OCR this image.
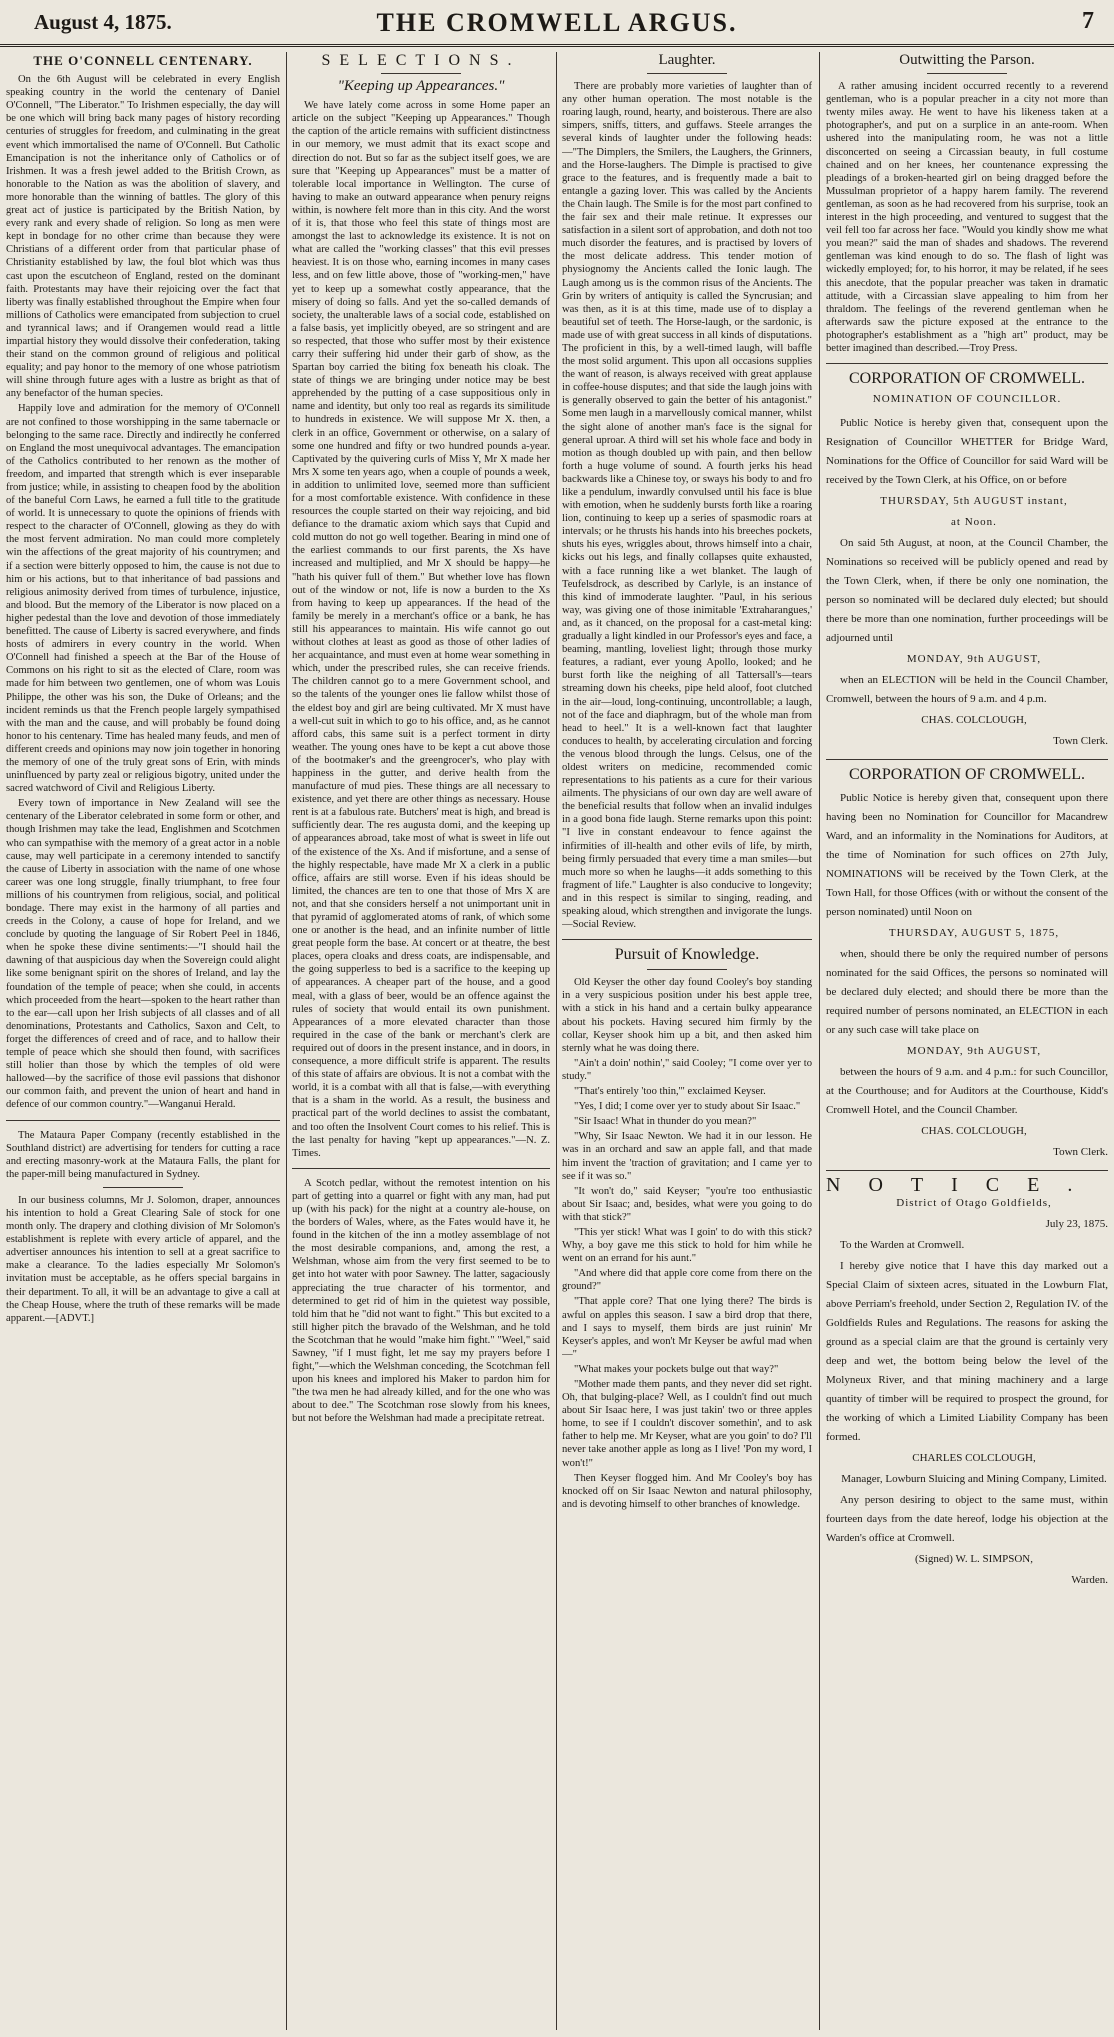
August 4, 1875.	THE CROMWELL ARGUS.	7
THE O'CONNELL CENTENARY.

On the 6th August will be celebrated in every English speaking country in the world the centenary of Daniel O'Connell, "The Liberator." To Irishmen especially, the day will be one which will bring back many pages of history recording centuries of struggles for freedom, and culminating in the great event which immortalised the name of O'Connell. But Catholic Emancipation is not the inheritance only of Catholics or of Irishmen. It was a fresh jewel added to the British Crown, as honorable to the Nation as was the abolition of slavery, and more honorable than the winning of battles. The glory of this great act of justice is participated by the British Nation, by every rank and every shade of religion. So long as men were kept in bondage for no other crime than because they were Christians of a different order from that particular phase of Christianity established by law, the foul blot which was thus cast upon the escutcheon of England, rested on the dominant faith. Protestants may have their rejoicing over the fact that liberty was finally established throughout the Empire when four millions of Catholics were emancipated from subjection to cruel and tyrannical laws; and if Orangemen would read a little impartial history they would dissolve their confederation, taking their stand on the common ground of religious and political equality; and pay honor to the memory of one whose patriotism will shine through future ages with a lustre as bright as that of any benefactor of the human species.

Happily love and admiration for the memory of O'Connell are not confined to those worshipping in the same tabernacle or belonging to the same race. Directly and indirectly he conferred on England the most unequivocal advantages. The emancipation of the Catholics contributed to her renown as the mother of freedom, and imparted that strength which is ever inseparable from justice; while, in assisting to cheapen food by the abolition of the baneful Corn Laws, he earned a full title to the gratitude of world. It is unnecessary to quote the opinions of friends with respect to the character of O'Connell, glowing as they do with the most fervent admiration. No man could more completely win the affections of the great majority of his countrymen; and if a section were bitterly opposed to him, the cause is not due to him or his actions, but to that inheritance of bad passions and religious animosity derived from times of turbulence, injustice, and blood. But the memory of the Liberator is now placed on a higher pedestal than the love and devotion of those immediately benefitted. The cause of Liberty is sacred everywhere, and finds hosts of admirers in every country in the world. When O'Connell had finished a speech at the Bar of the House of Commons on his right to sit as the elected of Clare, room was made for him between two gentlemen, one of whom was Louis Philippe, the other was his son, the Duke of Orleans; and the incident reminds us that the French people largely sympathised with the man and the cause, and will probably be found doing honor to his centenary. Time has healed many feuds, and men of different creeds and opinions may now join together in honoring the memory of one of the truly great sons of Erin, with minds uninfluenced by party zeal or religious bigotry, united under the sacred watchword of Civil and Religious Liberty.

Every town of importance in New Zealand will see the centenary of the Liberator celebrated in some form or other, and though Irishmen may take the lead, Englishmen and Scotchmen who can sympathise with the memory of a great actor in a noble cause, may well participate in a ceremony intended to sanctify the cause of Liberty in association with the name of one whose career was one long struggle, finally triumphant, to free four millions of his countrymen from religious, social, and political bondage. There may exist in the harmony of all parties and creeds in the Colony, a cause of hope for Ireland, and we conclude by quoting the language of Sir Robert Peel in 1846, when he spoke these divine sentiments:—"I should hail the dawning of that auspicious day when the Sovereign could alight like some benignant spirit on the shores of Ireland, and lay the foundation of the temple of peace; when she could, in accents which proceeded from the heart—spoken to the heart rather than to the ear—call upon her Irish subjects of all classes and of all denominations, Protestants and Catholics, Saxon and Celt, to forget the differences of creed and of race, and to hallow their temple of peace which she should then found, with sacrifices still holier than those by which the temples of old were hallowed—by the sacrifice of those evil passions that dishonor our common faith, and prevent the union of heart and hand in defence of our common country."—Wanganui Herald.

The Mataura Paper Company (recently established in the Southland district) are advertising for tenders for cutting a race and erecting masonry-work at the Mataura Falls, the plant for the paper-mill being manufactured in Sydney.

In our business columns, Mr J. Solomon, draper, announces his intention to hold a Great Clearing Sale of stock for one month only. The drapery and clothing division of Mr Solomon's establishment is replete with every article of apparel, and the advertiser announces his intention to sell at a great sacrifice to make a clearance. To the ladies especially Mr Solomon's invitation must be acceptable, as he offers special bargains in their department. To all, it will be an advantage to give a call at the Cheap House, where the truth of these remarks will be made apparent.—[ADVT.]

SELECTIONS.
"Keeping up Appearances."

We have lately come across in some Home paper an article on the subject "Keeping up Appearances." Though the caption of the article remains with sufficient distinctness in our memory, we must admit that its exact scope and direction do not. But so far as the subject itself goes, we are sure that "Keeping up Appearances" must be a matter of tolerable local importance in Wellington. The curse of having to make an outward appearance when penury reigns within, is nowhere felt more than in this city. And the worst of it is, that those who feel this state of things most are amongst the last to acknowledge its existence. It is not on what are called the "working classes" that this evil presses heaviest. It is on those who, earning incomes in many cases less, and on few little above, those of "working-men," have yet to keep up a somewhat costly appearance, that the misery of doing so falls. And yet the so-called demands of society, the unalterable laws of a social code, established on a false basis, yet implicitly obeyed, are so stringent and are so respected, that those who suffer most by their existence carry their suffering hid under their garb of show, as the Spartan boy carried the biting fox beneath his cloak. The state of things we are bringing under notice may be best apprehended by the putting of a case suppositious only in name and identity, but only too real as regards its similitude to hundreds in existence. We will suppose Mr X. then, a clerk in an office, Government or otherwise, on a salary of some one hundred and fifty or two hundred pounds a-year. Captivated by the quivering curls of Miss Y, Mr X made her Mrs X some ten years ago, when a couple of pounds a week, in addition to unlimited love, seemed more than sufficient for a most comfortable existence. With confidence in these resources the couple started on their way rejoicing, and bid defiance to the dramatic axiom which says that Cupid and cold mutton do not go well together. Bearing in mind one of the earliest commands to our first parents, the Xs have increased and multiplied, and Mr X should be happy—he "hath his quiver full of them." But whether love has flown out of the window or not, life is now a burden to the Xs from having to keep up appearances. If the head of the family be merely in a merchant's office or a bank, he has still his appearances to maintain. His wife cannot go out without clothes at least as good as those of other ladies of her acquaintance, and must even at home wear something in which, under the prescribed rules, she can receive friends. The children cannot go to a mere Government school, and so the talents of the younger ones lie fallow whilst those of the eldest boy and girl are being cultivated. Mr X must have a well-cut suit in which to go to his office, and, as he cannot afford cabs, this same suit is a perfect torment in dirty weather. The young ones have to be kept a cut above those of the bootmaker's and the greengrocer's, who play with happiness in the gutter, and derive health from the manufacture of mud pies. These things are all necessary to existence, and yet there are other things as necessary. House rent is at a fabulous rate. Butchers' meat is high, and bread is sufficiently dear. The res augusta domi, and the keeping up of appearances abroad, take most of what is sweet in life out of the existence of the Xs. And if misfortune, and a sense of the highly respectable, have made Mr X a clerk in a public office, affairs are still worse. Even if his ideas should be limited, the chances are ten to one that those of Mrs X are not, and that she considers herself a not unimportant unit in that pyramid of agglomerated atoms of rank, of which some one or another is the head, and an infinite number of little great people form the base. At concert or at theatre, the best places, opera cloaks and dress coats, are indispensable, and the going supperless to bed is a sacrifice to the keeping up of appearances. A cheaper part of the house, and a good meal, with a glass of beer, would be an offence against the rules of society that would entail its own punishment. Appearances of a more elevated character than those required in the case of the bank or merchant's clerk are required out of doors in the present instance, and in doors, in consequence, a more difficult strife is apparent. The results of this state of affairs are obvious. It is not a combat with the world, it is a combat with all that is false,—with everything that is a sham in the world. As a result, the business and practical part of the world declines to assist the combatant, and too often the Insolvent Court comes to his relief. This is the last penalty for having "kept up appearances."—N. Z. Times.

A Scotch pedlar, without the remotest intention on his part of getting into a quarrel or fight with any man, had put up (with his pack) for the night at a country ale-house, on the borders of Wales, where, as the Fates would have it, he found in the kitchen of the inn a motley assemblage of not the most desirable companions, and, among the rest, a Welshman, whose aim from the very first seemed to be to get into hot water with poor Sawney. The latter, sagaciously appreciating the true character of his tormentor, and determined to get rid of him in the quietest way possible, told him that he "did not want to fight." This but excited to a still higher pitch the bravado of the Welshman, and he told the Scotchman that he would "make him fight." "Weel," said Sawney, "if I must fight, let me say my prayers before I fight,"—which the Welshman conceding, the Scotchman fell upon his knees and implored his Maker to pardon him for "the twa men he had already killed, and for the one who was about to dee." The Scotchman rose slowly from his knees, but not before the Welshman had made a precipitate retreat.

Laughter.

There are probably more varieties of laughter than of any other human operation. The most notable is the roaring laugh, round, hearty, and boisterous. There are also simpers, sniffs, titters, and guffaws. Steele arranges the several kinds of laughter under the following heads:—"The Dimplers, the Smilers, the Laughers, the Grinners, and the Horse-laughers. The Dimple is practised to give grace to the features, and is frequently made a bait to entangle a gazing lover. This was called by the Ancients the Chain laugh. The Smile is for the most part confined to the fair sex and their male retinue. It expresses our satisfaction in a silent sort of approbation, and doth not too much disorder the features, and is practised by lovers of the most delicate address. This tender motion of physiognomy the Ancients called the Ionic laugh. The Laugh among us is the common risus of the Ancients. The Grin by writers of antiquity is called the Syncrusian; and was then, as it is at this time, made use of to display a beautiful set of teeth. The Horse-laugh, or the sardonic, is made use of with great success in all kinds of disputations. The proficient in this, by a well-timed laugh, will baffle the most solid argument. This upon all occasions supplies the want of reason, is always received with great applause in coffee-house disputes; and that side the laugh joins with is generally observed to gain the better of his antagonist." Some men laugh in a marvellously comical manner, whilst the sight alone of another man's face is the signal for general uproar. A third will set his whole face and body in motion as though doubled up with pain, and then bellow forth a huge volume of sound. A fourth jerks his head backwards like a Chinese toy, or sways his body to and fro like a pendulum, inwardly convulsed until his face is blue with emotion, when he suddenly bursts forth like a roaring lion, continuing to keep up a series of spasmodic roars at intervals; or he thrusts his hands into his breeches pockets, shuts his eyes, wriggles about, throws himself into a chair, kicks out his legs, and finally collapses quite exhausted, with a face running like a wet blanket. The laugh of Teufelsdrock, as described by Carlyle, is an instance of this kind of immoderate laughter. "Paul, in his serious way, was giving one of those inimitable 'Extraharangues,' and, as it chanced, on the proposal for a cast-metal king: gradually a light kindled in our Professor's eyes and face, a beaming, mantling, loveliest light; through those murky features, a radiant, ever young Apollo, looked; and he burst forth like the neighing of all Tattersall's—tears streaming down his cheeks, pipe held aloof, foot clutched in the air—loud, long-continuing, uncontrollable; a laugh, not of the face and diaphragm, but of the whole man from head to heel." It is a well-known fact that laughter conduces to health, by accelerating circulation and forcing the venous blood through the lungs. Celsus, one of the oldest writers on medicine, recommended comic representations to his patients as a cure for their various ailments. The physicians of our own day are well aware of the beneficial results that follow when an invalid indulges in a good bona fide laugh. Sterne remarks upon this point: "I live in constant endeavour to fence against the infirmities of ill-health and other evils of life, by mirth, being firmly persuaded that every time a man smiles—but much more so when he laughs—it adds something to this fragment of life." Laughter is also conducive to longevity; and in this respect is similar to singing, reading, and speaking aloud, which strengthen and invigorate the lungs.—Social Review.

Pursuit of Knowledge.

Old Keyser the other day found Cooley's boy standing in a very suspicious position under his best apple tree, with a stick in his hand and a certain bulky appearance about his pockets. Having secured him firmly by the collar, Keyser shook him up a bit, and then asked him sternly what he was doing there.

"Ain't a doin' nothin'," said Cooley; "I come over yer to study."

"That's entirely 'too thin,'" exclaimed Keyser.

"Yes, I did; I come over yer to study about Sir Isaac."

"Sir Isaac! What in thunder do you mean?"

"Why, Sir Isaac Newton. We had it in our lesson. He was in an orchard and saw an apple fall, and that made him invent the 'traction of gravitation; and I came yer to see if it was so."

"It won't do," said Keyser; "you're too enthusiastic about Sir Isaac; and, besides, what were you going to do with that stick?"

"This yer stick! What was I goin' to do with this stick? Why, a boy gave me this stick to hold for him while he went on an errand for his aunt."

"And where did that apple core come from there on the ground?"

"That apple core? That one lying there? The birds is awful on apples this season. I saw a bird drop that there, and I says to myself, them birds are just ruinin' Mr Keyser's apples, and won't Mr Keyser be awful mad when—"

"What makes your pockets bulge out that way?"

"Mother made them pants, and they never did set right. Oh, that bulging-place? Well, as I couldn't find out much about Sir Isaac here, I was just takin' two or three apples home, to see if I couldn't discover somethin', and to ask father to help me. Mr Keyser, what are you goin' to do? I'll never take another apple as long as I live! 'Pon my word, I won't!"

Then Keyser flogged him. And Mr Cooley's boy has knocked off on Sir Isaac Newton and natural philosophy, and is devoting himself to other branches of knowledge.

Outwitting the Parson.

A rather amusing incident occurred recently to a reverend gentleman, who is a popular preacher in a city not more than twenty miles away. He went to have his likeness taken at a photographer's, and put on a surplice in an ante-room. When ushered into the manipulating room, he was not a little disconcerted on seeing a Circassian beauty, in full costume chained and on her knees, her countenance expressing the pleadings of a broken-hearted girl on being dragged before the Mussulman proprietor of a happy harem family. The reverend gentleman, as soon as he had recovered from his surprise, took an interest in the high proceeding, and ventured to suggest that the veil fell too far across her face. "Would you kindly show me what you mean?" said the man of shades and shadows. The reverend gentleman was kind enough to do so. The flash of light was wickedly employed; for, to his horror, it may be related, if he sees this anecdote, that the popular preacher was taken in dramatic attitude, with a Circassian slave appealing to him from her thraldom. The feelings of the reverend gentleman when he afterwards saw the picture exposed at the entrance to the photographer's establishment as a "high art" product, may be better imagined than described.—Troy Press.

CORPORATION OF CROMWELL.
NOMINATION OF COUNCILLOR.

Public Notice is hereby given that, consequent upon the Resignation of Councillor WHETTER for Bridge Ward, Nominations for the Office of Councillor for said Ward will be received by the Town Clerk, at his Office, on or before

THURSDAY, 5th AUGUST instant,

at Noon.

On said 5th August, at noon, at the Council Chamber, the Nominations so received will be publicly opened and read by the Town Clerk, when, if there be only one nomination, the person so nominated will be declared duly elected; but should there be more than one nomination, further proceedings will be adjourned until

MONDAY, 9th AUGUST,

when an ELECTION will be held in the Council Chamber, Cromwell, between the hours of 9 a.m. and 4 p.m.

CHAS. COLCLOUGH,

Town Clerk.

CORPORATION OF CROMWELL.

Public Notice is hereby given that, consequent upon there having been no Nomination for Councillor for Macandrew Ward, and an informality in the Nominations for Auditors, at the time of Nomination for such offices on 27th July, NOMINATIONS will be received by the Town Clerk, at the Town Hall, for those Offices (with or without the consent of the person nominated) until Noon on

THURSDAY, AUGUST 5, 1875,

when, should there be only the required number of persons nominated for the said Offices, the persons so nominated will be declared duly elected; and should there be more than the required number of persons nominated, an ELECTION in each or any such case will take place on

MONDAY, 9th AUGUST,

between the hours of 9 a.m. and 4 p.m.: for such Councillor, at the Courthouse; and for Auditors at the Courthouse, Kidd's Cromwell Hotel, and the Council Chamber.

CHAS. COLCLOUGH,

Town Clerk.

NOTICE.

District of Otago Goldfields,

July 23, 1875.

To the Warden at Cromwell.

I hereby give notice that I have this day marked out a Special Claim of sixteen acres, situated in the Lowburn Flat, above Perriam's freehold, under Section 2, Regulation IV. of the Goldfields Rules and Regulations. The reasons for asking the ground as a special claim are that the ground is certainly very deep and wet, the bottom being below the level of the Molyneux River, and that mining machinery and a large quantity of timber will be required to prospect the ground, for the working of which a Limited Liability Company has been formed.

CHARLES COLCLOUGH,

Manager, Lowburn Sluicing and Mining Company, Limited.

Any person desiring to object to the same must, within fourteen days from the date hereof, lodge his objection at the Warden's office at Cromwell.

(Signed) W. L. SIMPSON,

Warden.
